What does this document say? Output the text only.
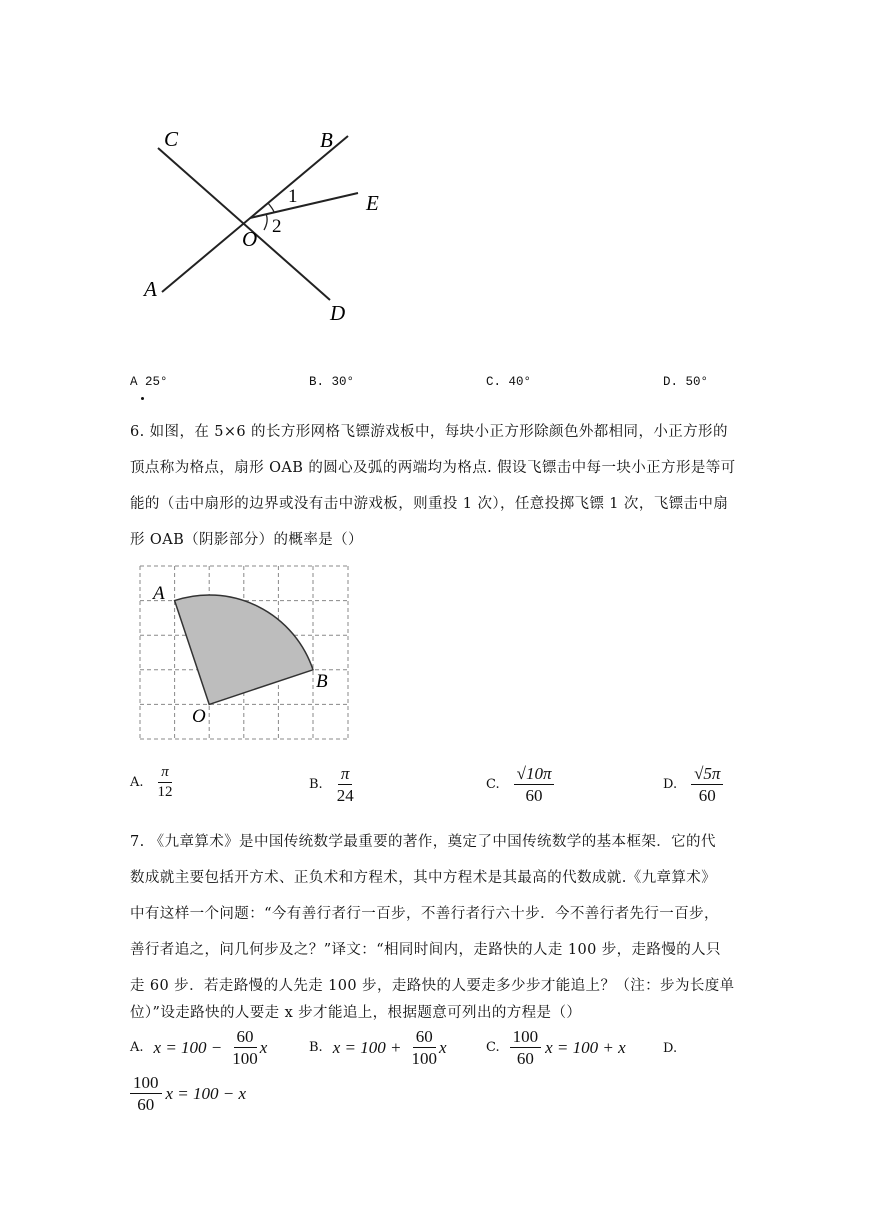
C	B
E
O
A
D
1
2
A 25°	B. 30°	C. 40°	D. 50°
6. 如图，在 5×6 的长方形网格飞镖游戏板中，每块小正方形除颜色外都相同，小正方形的
顶点称为格点，扇形 OAB 的圆心及弧的两端均为格点. 假设飞镖击中每一块小正方形是等可
能的（击中扇形的边界或没有击中游戏板，则重投 1 次），任意投掷飞镖 1 次，飞镖击中扇
形 OAB（阴影部分）的概率是（）
A
B
O
A. $\frac{\pi}{12}$	B. $\frac{\pi}{24}$	C. $\frac{√10\pi}{60}$	D. $\frac{√5\pi}{60}$
7. 《九章算术》是中国传统数学最重要的著作，奠定了中国传统数学的基本框架．它的代
数成就主要包括开方术、正负术和方程术，其中方程术是其最高的代数成就.《九章算术》
中有这样一个问题：“今有善行者行一百步，不善行者行六十步．今不善行者先行一百步，
善行者追之，问几何步及之？”译文：“相同时间内，走路快的人走 100 步，走路慢的人只
走 60 步．若走路慢的人先走 100 步，走路快的人要走多少步才能追上？（注：步为长度单
位）”设走路快的人要走 x 步才能追上，根据题意可列出的方程是（）
A. $x = 100 - \frac{60}{100}$ x	B. $x = 100 + \frac{60}{100}$ x	C. $\frac{100}{60}$ x = 100 + x	D.
$\frac{100}{60}$ x = 100 − x
